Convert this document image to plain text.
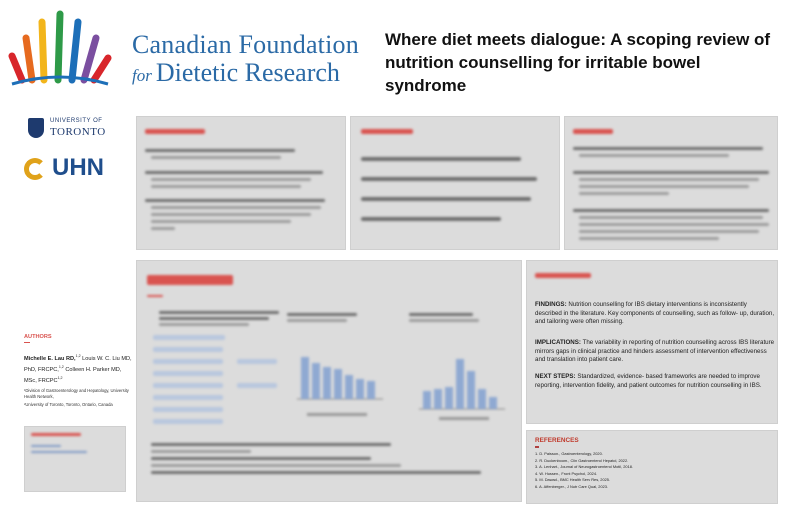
Canadian Foundation
for Dietetic Research
Where diet meets dialogue: A scoping review of nutrition counselling for irritable bowel syndrome
UNIVERSITY OF
TORONTO
UHN

FINDINGS: Nutrition counselling for IBS dietary interventions is inconsistently described in the literature. Key components of counselling, such as follow- up, duration, and tailoring were often missing.

IMPLICATIONS: The variability in reporting of nutrition counselling across IBS literature mirrors gaps in clinical practice and hinders assessment of intervention effectiveness and translation into patient care.

NEXT STEPS: Standardized, evidence- based frameworks are needed to improve reporting, intervention fidelity, and patient outcomes for nutrition counselling in IBS.

AUTHORS
Michelle E. Lau RD,$^{1,2}$ Louis W. C. Liu MD, PhD, FRCPC,$^{1,2}$ Colleen H. Parker MD, MSc, FRCPC$^{1,2}$
¹Division of Gastroenterology and Hepatology, University Health Network,
²University of Toronto, Toronto, Ontario, Canada
REFERENCES
1. D. Paisson., Gastroenterology, 2020.
2. R. Duckenboom., Clin Gastroenterol Hepatol, 2022.
3. A. Lenhart., Journal of Neurogastroenterol Motil, 2018.
4. W. Hussen., Front Psychol, 2024.
5. M. Dawad., BMC Health Serv Res, 2025.
6. A. Affenberger., J Nutr Care Qual, 2023.
